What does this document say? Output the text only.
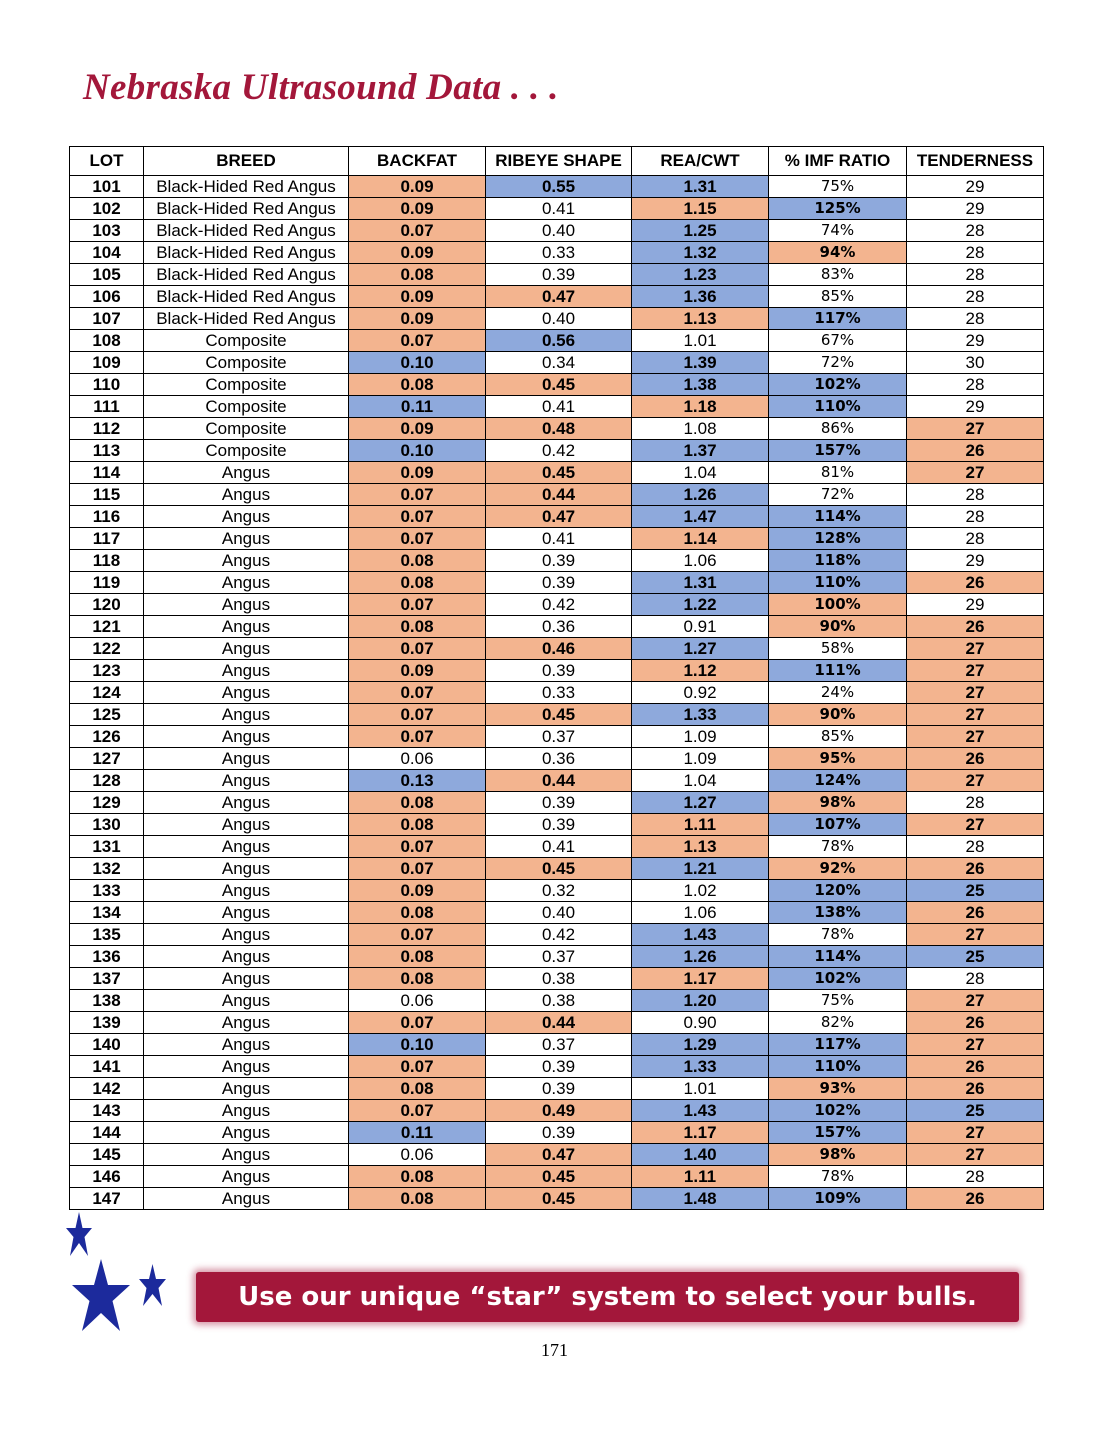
Nebraska Ultrasound Data . . .
LOT	BREED	BACKFAT	RIBEYE SHAPE	REA/CWT	% IMF RATIO	TENDERNESS
101	Black-Hided Red Angus	0.09	0.55	1.31	75%	29
102	Black-Hided Red Angus	0.09	0.41	1.15	125%	29
103	Black-Hided Red Angus	0.07	0.40	1.25	74%	28
104	Black-Hided Red Angus	0.09	0.33	1.32	94%	28
105	Black-Hided Red Angus	0.08	0.39	1.23	83%	28
106	Black-Hided Red Angus	0.09	0.47	1.36	85%	28
107	Black-Hided Red Angus	0.09	0.40	1.13	117%	28
108	Composite	0.07	0.56	1.01	67%	29
109	Composite	0.10	0.34	1.39	72%	30
110	Composite	0.08	0.45	1.38	102%	28
111	Composite	0.11	0.41	1.18	110%	29
112	Composite	0.09	0.48	1.08	86%	27
113	Composite	0.10	0.42	1.37	157%	26
114	Angus	0.09	0.45	1.04	81%	27
115	Angus	0.07	0.44	1.26	72%	28
116	Angus	0.07	0.47	1.47	114%	28
117	Angus	0.07	0.41	1.14	128%	28
118	Angus	0.08	0.39	1.06	118%	29
119	Angus	0.08	0.39	1.31	110%	26
120	Angus	0.07	0.42	1.22	100%	29
121	Angus	0.08	0.36	0.91	90%	26
122	Angus	0.07	0.46	1.27	58%	27
123	Angus	0.09	0.39	1.12	111%	27
124	Angus	0.07	0.33	0.92	24%	27
125	Angus	0.07	0.45	1.33	90%	27
126	Angus	0.07	0.37	1.09	85%	27
127	Angus	0.06	0.36	1.09	95%	26
128	Angus	0.13	0.44	1.04	124%	27
129	Angus	0.08	0.39	1.27	98%	28
130	Angus	0.08	0.39	1.11	107%	27
131	Angus	0.07	0.41	1.13	78%	28
132	Angus	0.07	0.45	1.21	92%	26
133	Angus	0.09	0.32	1.02	120%	25
134	Angus	0.08	0.40	1.06	138%	26
135	Angus	0.07	0.42	1.43	78%	27
136	Angus	0.08	0.37	1.26	114%	25
137	Angus	0.08	0.38	1.17	102%	28
138	Angus	0.06	0.38	1.20	75%	27
139	Angus	0.07	0.44	0.90	82%	26
140	Angus	0.10	0.37	1.29	117%	27
141	Angus	0.07	0.39	1.33	110%	26
142	Angus	0.08	0.39	1.01	93%	26
143	Angus	0.07	0.49	1.43	102%	25
144	Angus	0.11	0.39	1.17	157%	27
145	Angus	0.06	0.47	1.40	98%	27
146	Angus	0.08	0.45	1.11	78%	28
147	Angus	0.08	0.45	1.48	109%	26
Use our unique “star” system to select your bulls.
171
